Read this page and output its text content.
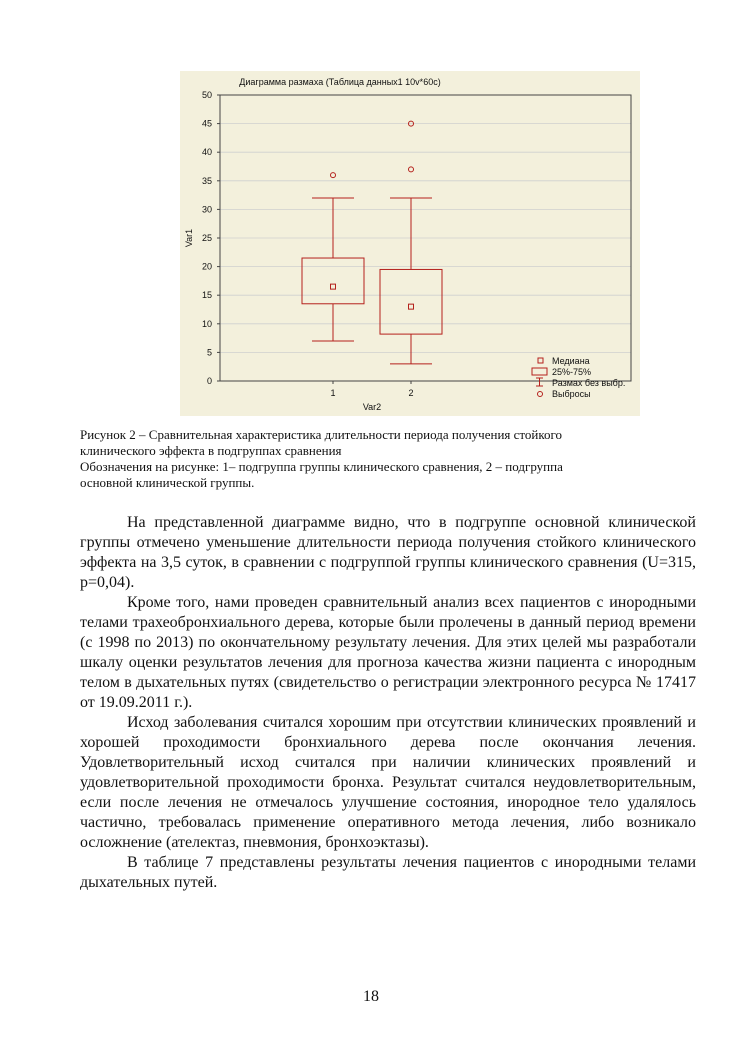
Диаграмма размаха (Таблица данных1 10v*60c)
0
5
10
15
20
25
30
35
40
45
50
1	2
Var1
Var2
Медиана
25%-75%
Размах без выбр.
Выбросы
Рисунок 2 – Сравнительная характеристика длительности периода получения стойкого
клинического эффекта в подгруппах сравнения
Обозначения на рисунке: 1– подгруппа группы клинического сравнения, 2 – подгруппа
основной клинической группы.

На представленной диаграмме видно, что в подгруппе основной клинической группы отмечено уменьшение длительности периода получения стойкого клинического эффекта на 3,5 суток, в сравнении с подгруппой группы клинического сравнения (U=315, p=0,04).

Кроме того, нами проведен сравнительный анализ всех пациентов с инородными телами трахеобронхиального дерева, которые были пролечены в данный период времени (с 1998 по 2013) по окончательному результату лечения. Для этих целей мы разработали шкалу оценки результатов лечения для прогноза качества жизни пациента с инородным телом в дыхательных путях (свидетельство о регистрации электронного ресурса № 17417 от 19.09.2011 г.).

Исход заболевания считался хорошим при отсутствии клинических проявлений и хорошей проходимости бронхиального дерева после окончания лечения. Удовлетворительный исход считался при наличии клинических проявлений и удовлетворительной проходимости бронха. Результат считался неудовлетворительным, если после лечения не отмечалось улучшение состояния, инородное тело удалялось частично, требовалась применение оперативного метода лечения, либо возникало осложнение (ателектаз, пневмония, бронхоэктазы).

В таблице 7 представлены результаты лечения пациентов с инородными телами дыхательных путей.

18
